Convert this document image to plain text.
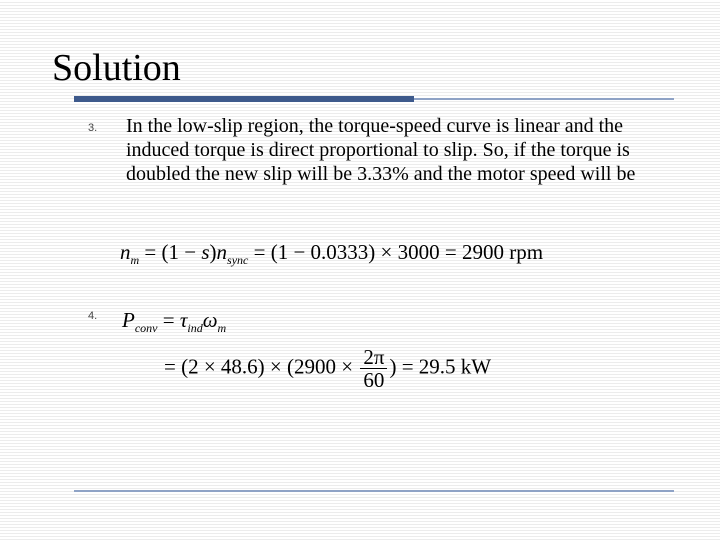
Solution
3. In the low-slip region, the torque-speed curve is linear and the induced torque is direct proportional to slip. So, if the torque is doubled the new slip will be 3.33% and the motor speed will be

$n_m = (1 - s)n_{sync} = (1 - 0.0333) \times 3000 = 2900$ rpm
4. $P_{conv} = \tau_{ind}\omega_m$
= $(2 \times 48.6) \times (2900 \times \frac{2\pi}{60}$ ) = 29.5 kW
